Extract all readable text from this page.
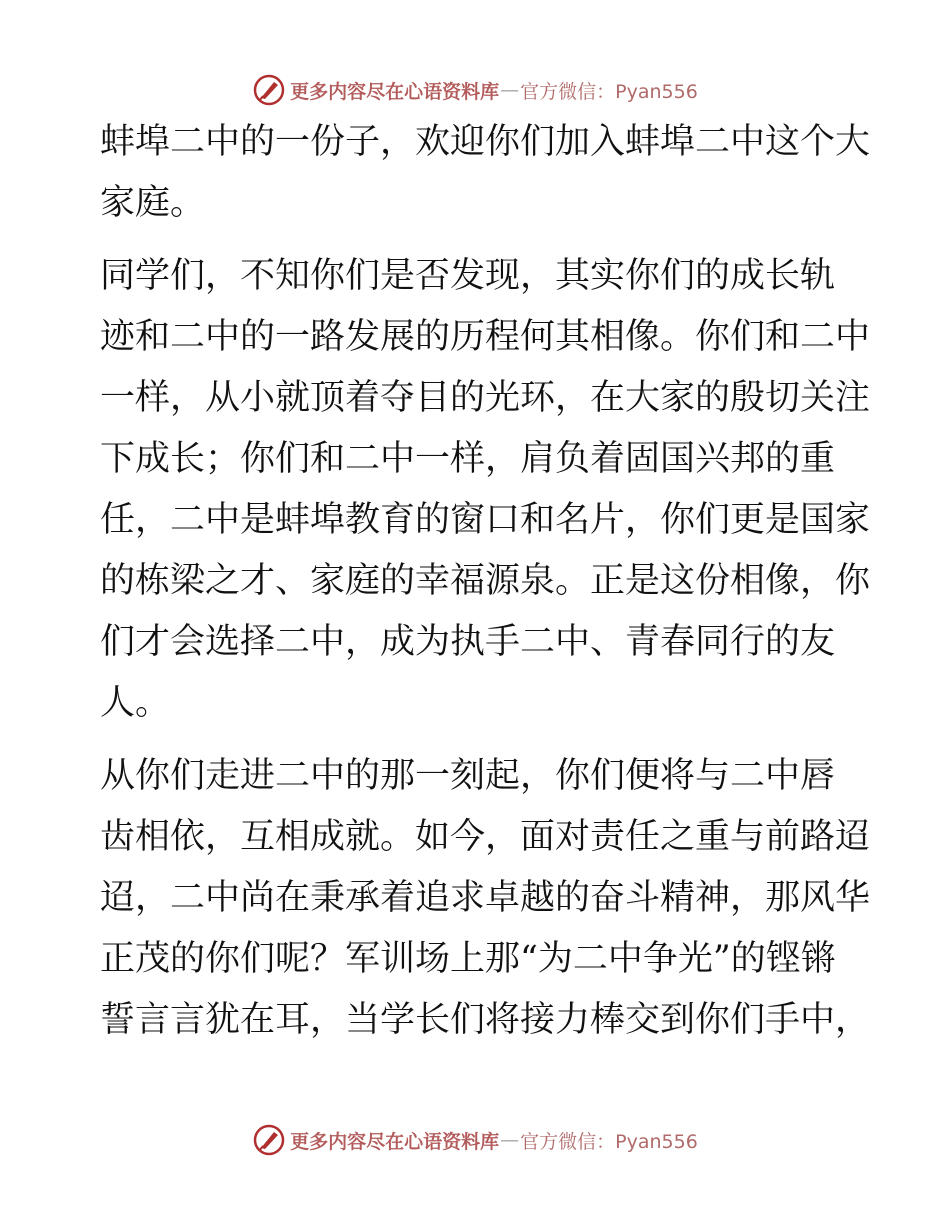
更多内容尽在心语资料库 — 官方微信：Pyan556
蚌埠二中的一份子，欢迎你们加入蚌埠二中这个大
家庭。
同学们，不知你们是否发现，其实你们的成长轨
迹和二中的一路发展的历程何其相像。你们和二中
一样，从小就顶着夺目的光环，在大家的殷切关注
下成长；你们和二中一样，肩负着固国兴邦的重
任，二中是蚌埠教育的窗口和名片，你们更是国家
的栋梁之才、家庭的幸福源泉。正是这份相像，你
们才会选择二中，成为执手二中、青春同行的友
人。
从你们走进二中的那一刻起，你们便将与二中唇
齿相依，互相成就。如今，面对责任之重与前路迢
迢，二中尚在秉承着追求卓越的奋斗精神，那风华
正茂的你们呢？军训场上那“为二中争光”的铿锵
誓言言犹在耳，当学长们将接力棒交到你们手中，
更多内容尽在心语资料库 — 官方微信：Pyan556
